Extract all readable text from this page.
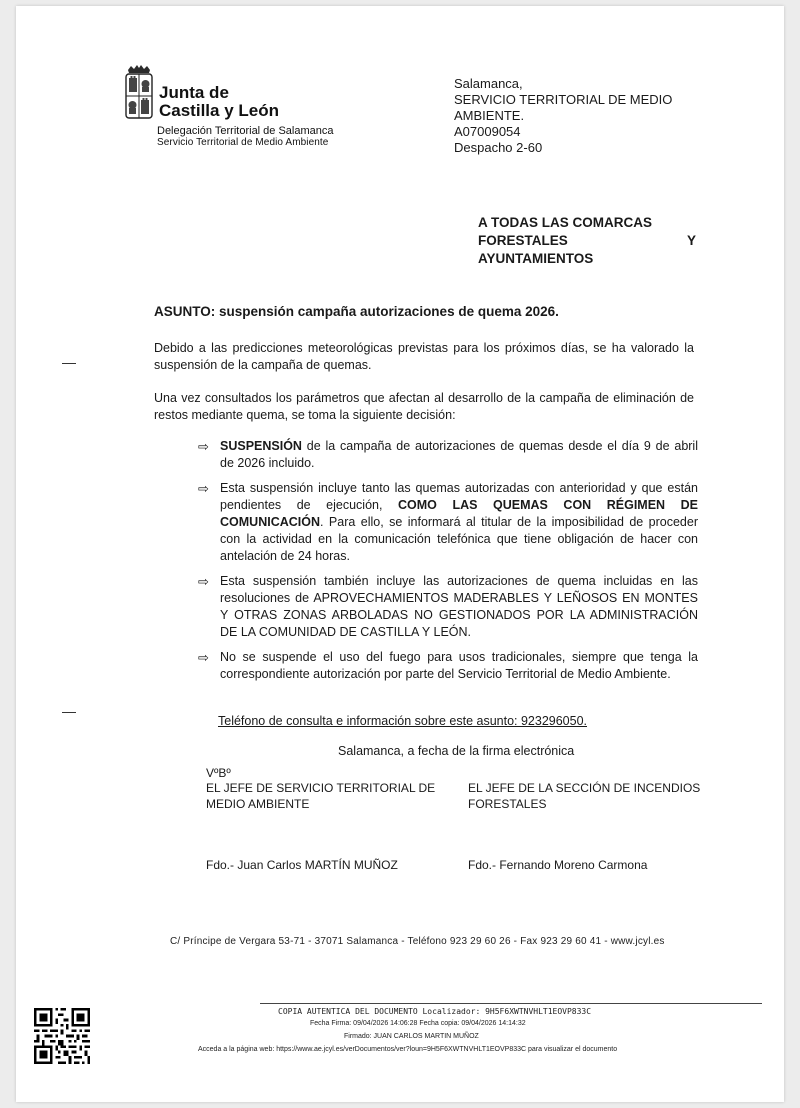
Junta de
Castilla y León
Delegación Territorial de Salamanca
Servicio Territorial de Medio Ambiente
Salamanca,
SERVICIO TERRITORIAL DE MEDIO
AMBIENTE.
A07009054
Despacho 2-60
A TODAS LAS COMARCAS
FORESTALES Y
AYUNTAMIENTOS
ASUNTO: suspensión campaña autorizaciones de quema 2026.
Debido a las predicciones meteorológicas previstas para los próximos días, se ha valorado la suspensión de la campaña de quemas.
Una vez consultados los parámetros que afectan al desarrollo de la campaña de eliminación de restos mediante quema, se toma la siguiente decisión:
⇨ SUSPENSIÓN de la campaña de autorizaciones de quemas desde el día 9 de abril de 2026 incluido.
⇨ Esta suspensión incluye tanto las quemas autorizadas con anterioridad y que están pendientes de ejecución, COMO LAS QUEMAS CON RÉGIMEN DE COMUNICACIÓN. Para ello, se informará al titular de la imposibilidad de proceder con la actividad en la comunicación telefónica que tiene obligación de hacer con antelación de 24 horas.
⇨ Esta suspensión también incluye las autorizaciones de quema incluidas en las resoluciones de APROVECHAMIENTOS MADERABLES Y LEÑOSOS EN MONTES Y OTRAS ZONAS ARBOLADAS NO GESTIONADOS POR LA ADMINISTRACIÓN DE LA COMUNIDAD DE CASTILLA Y LEÓN.
⇨ No se suspende el uso del fuego para usos tradicionales, siempre que tenga la correspondiente autorización por parte del Servicio Territorial de Medio Ambiente.
Teléfono de consulta e información sobre este asunto: 923296050.
Salamanca, a fecha de la firma electrónica
VºBº
EL JEFE DE SERVICIO TERRITORIAL DE MEDIO AMBIENTE
EL JEFE DE LA SECCIÓN DE INCENDIOS FORESTALES
Fdo.- Juan Carlos MARTÍN MUÑOZ	Fdo.- Fernando Moreno Carmona
C/ Príncipe de Vergara 53-71 - 37071 Salamanca - Teléfono 923 29 60 26 - Fax 923 29 60 41 - www.jcyl.es
COPIA AUTENTICA DEL DOCUMENTO Localizador: 9H5F6XWTNVHLT1EOVP833C
Fecha Firma: 09/04/2026 14:06:28 Fecha copia: 09/04/2026 14:14:32
Firmado: JUAN CARLOS MARTIN MUÑOZ
Acceda a la página web: https://www.ae.jcyl.es/verDocumentos/ver?loun=9H5F6XWTNVHLT1EOVP833C para visualizar el documento
